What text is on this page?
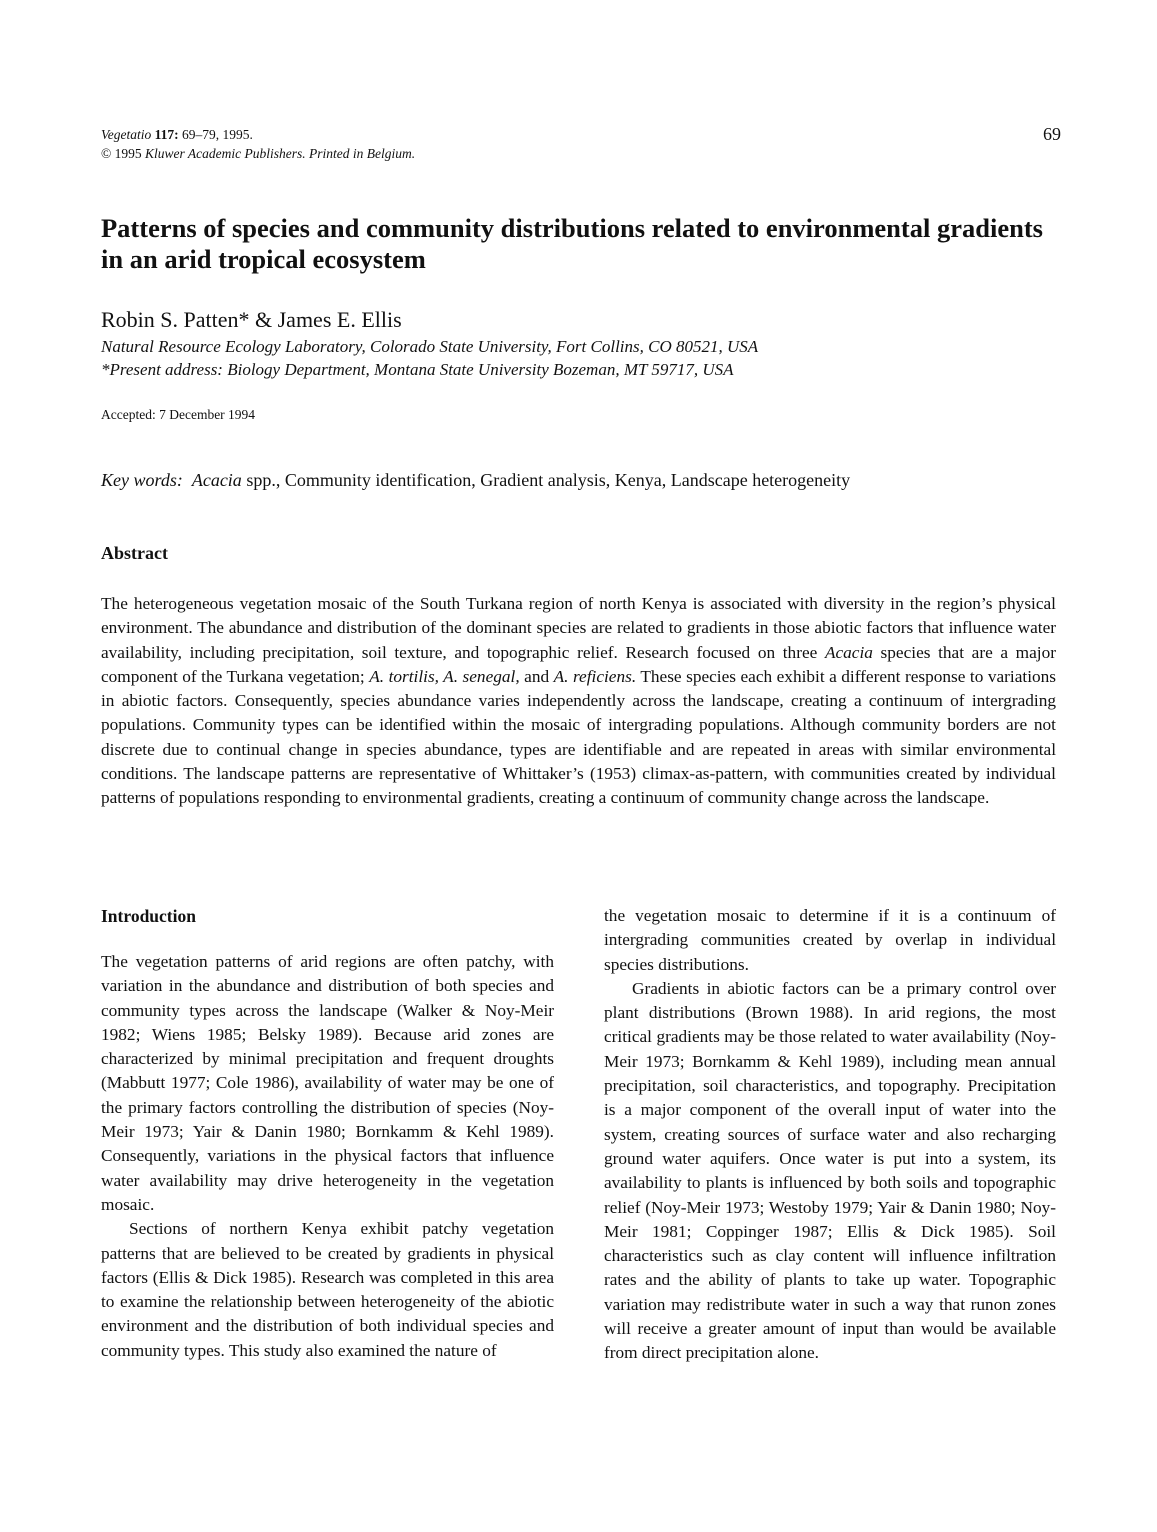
Vegetatio 117: 69–79, 1995.
© 1995 Kluwer Academic Publishers. Printed in Belgium.
69
Patterns of species and community distributions related to environmental gradients in an arid tropical ecosystem
Robin S. Patten* & James E. Ellis
Natural Resource Ecology Laboratory, Colorado State University, Fort Collins, CO 80521, USA
*Present address: Biology Department, Montana State University Bozeman, MT 59717, USA
Accepted: 7 December 1994
Key words: Acacia spp., Community identification, Gradient analysis, Kenya, Landscape heterogeneity
Abstract

The heterogeneous vegetation mosaic of the South Turkana region of north Kenya is associated with diversity in the region’s physical environment. The abundance and distribution of the dominant species are related to gradients in those abiotic factors that influence water availability, including precipitation, soil texture, and topographic relief. Research focused on three Acacia species that are a major component of the Turkana vegetation; A. tortilis, A. senegal, and A. reficiens. These species each exhibit a different response to variations in abiotic factors. Consequently, species abundance varies independently across the landscape, creating a continuum of intergrading populations. Community types can be identified within the mosaic of intergrading populations. Although community borders are not discrete due to continual change in species abundance, types are identifiable and are repeated in areas with similar environmental conditions. The landscape patterns are representative of Whittaker’s (1953) climax-as-pattern, with communities created by individual patterns of populations responding to environmental gradients, creating a continuum of community change across the landscape.

Introduction

The vegetation patterns of arid regions are often patchy, with variation in the abundance and distribution of both species and community types across the landscape (Walker & Noy-Meir 1982; Wiens 1985; Belsky 1989). Because arid zones are characterized by minimal precipitation and frequent droughts (Mabbutt 1977; Cole 1986), availability of water may be one of the primary factors controlling the distribution of species (Noy-Meir 1973; Yair & Danin 1980; Bornkamm & Kehl 1989). Consequently, variations in the physical factors that influence water availability may drive heterogeneity in the vegetation mosaic.

Sections of northern Kenya exhibit patchy vegetation patterns that are believed to be created by gradients in physical factors (Ellis & Dick 1985). Research was completed in this area to examine the relationship between heterogeneity of the abiotic environment and the distribution of both individual species and community types. This study also examined the nature of

the vegetation mosaic to determine if it is a continuum of intergrading communities created by overlap in individual species distributions.

Gradients in abiotic factors can be a primary control over plant distributions (Brown 1988). In arid regions, the most critical gradients may be those related to water availability (Noy-Meir 1973; Bornkamm & Kehl 1989), including mean annual precipitation, soil characteristics, and topography. Precipitation is a major component of the overall input of water into the system, creating sources of surface water and also recharging ground water aquifers. Once water is put into a system, its availability to plants is influenced by both soils and topographic relief (Noy-Meir 1973; Westoby 1979; Yair & Danin 1980; Noy-Meir 1981; Coppinger 1987; Ellis & Dick 1985). Soil characteristics such as clay content will influence infiltration rates and the ability of plants to take up water. Topographic variation may redistribute water in such a way that runon zones will receive a greater amount of input than would be available from direct precipitation alone.
